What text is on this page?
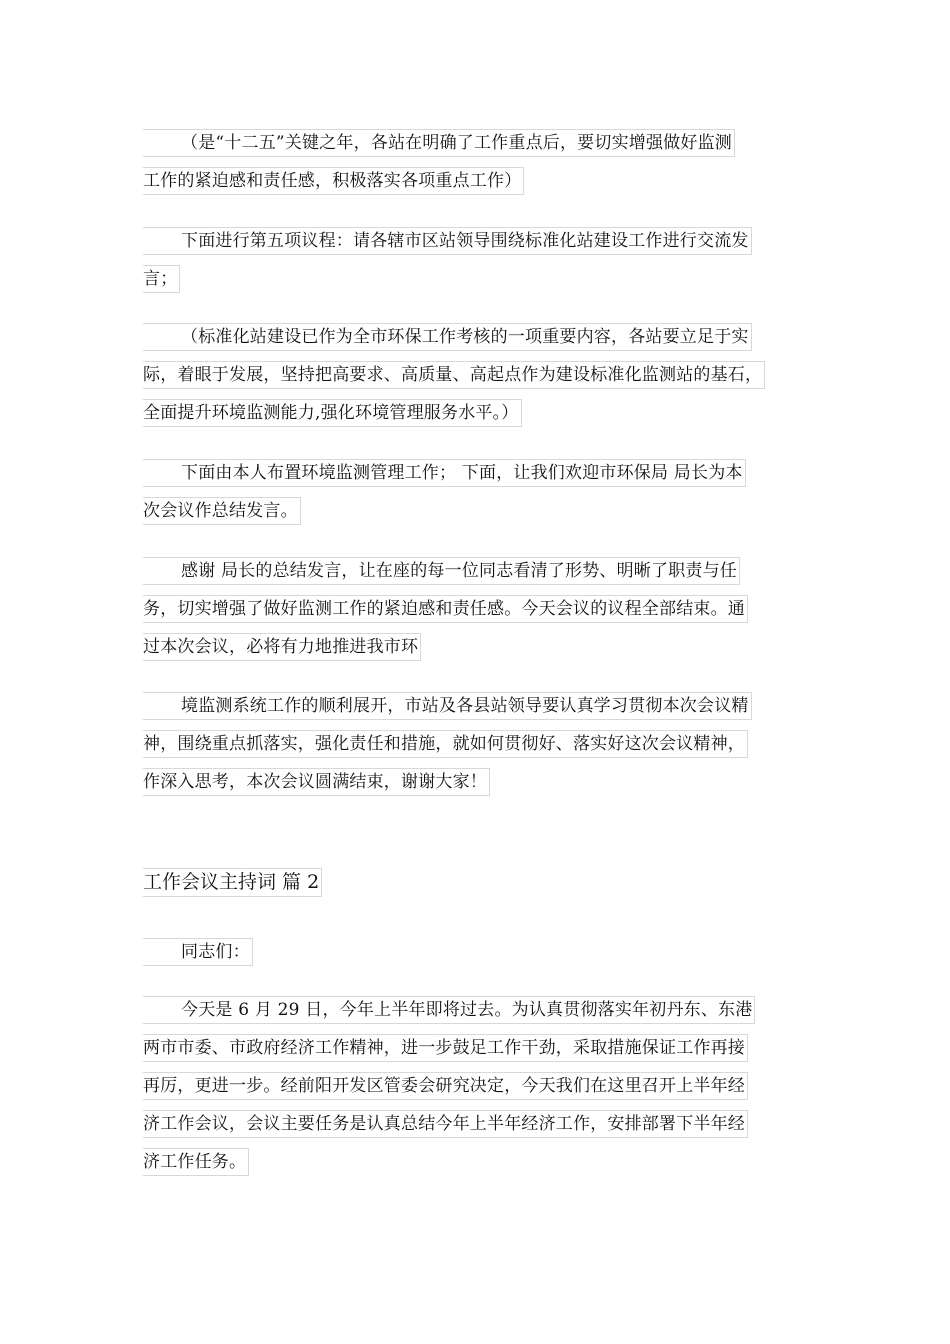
（是“十二五”关键之年，各站在明确了工作重点后，要切实增强做好监测
工作的紧迫感和责任感，积极落实各项重点工作）
下面进行第五项议程：请各辖市区站领导围绕标准化站建设工作进行交流发
言；
（标准化站建设已作为全市环保工作考核的一项重要内容，各站要立足于实
际，着眼于发展，坚持把高要求、高质量、高起点作为建设标准化监测站的基石，
全面提升环境监测能力,强化环境管理服务水平。）
下面由本人布置环境监测管理工作； 下面，让我们欢迎市环保局 局长为本
次会议作总结发言。
感谢 局长的总结发言，让在座的每一位同志看清了形势、明晰了职责与任
务，切实增强了做好监测工作的紧迫感和责任感。今天会议的议程全部结束。通
过本次会议，必将有力地推进我市环
境监测系统工作的顺利展开，市站及各县站领导要认真学习贯彻本次会议精
神，围绕重点抓落实，强化责任和措施，就如何贯彻好、落实好这次会议精神，
作深入思考，本次会议圆满结束，谢谢大家！
工作会议主持词 篇 2
同志们：
今天是 6 月 29 日，今年上半年即将过去。为认真贯彻落实年初丹东、东港
两市市委、市政府经济工作精神，进一步鼓足工作干劲，采取措施保证工作再接
再厉，更进一步。经前阳开发区管委会研究决定，今天我们在这里召开上半年经
济工作会议，会议主要任务是认真总结今年上半年经济工作，安排部署下半年经
济工作任务。
